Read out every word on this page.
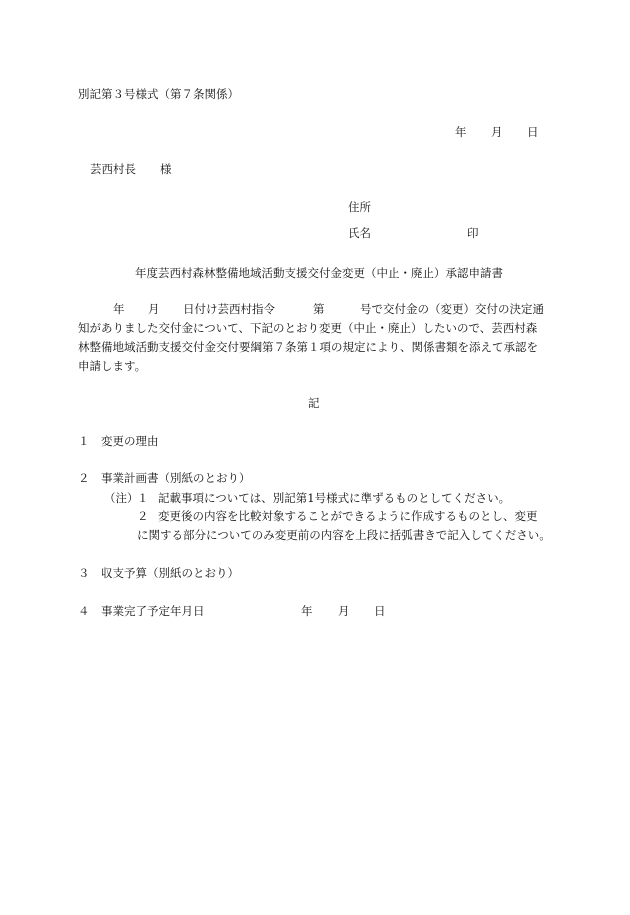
別記第３号様式（第７条関係）
年 月 日
芸西村長 様
住所
氏名	印
年度芸西村森林整備地域活動支援交付金変更（中止・廃止）承認申請書
年 月 日付け芸西村指令	第	号で交付金の（変更）交付の決定通
知がありました交付金について、下記のとおり変更（中止・廃止）したいので、芸西村森
林整備地域活動支援交付金交付要綱第７条第１項の規定により、関係書類を添えて承認を
申請します。
記
１ 変更の理由
２ 事業計画書（別紙のとおり）
（注）
１ 記載事項については、別記第1号様式に準ずるものとしてください。
２ 変更後の内容を比較対象することができるように作成するものとし、変更
に関する部分についてのみ変更前の内容を上段に括弧書きで記入してください。
３ 収支予算（別紙のとおり）
４ 事業完了予定年月日	年 月 日
